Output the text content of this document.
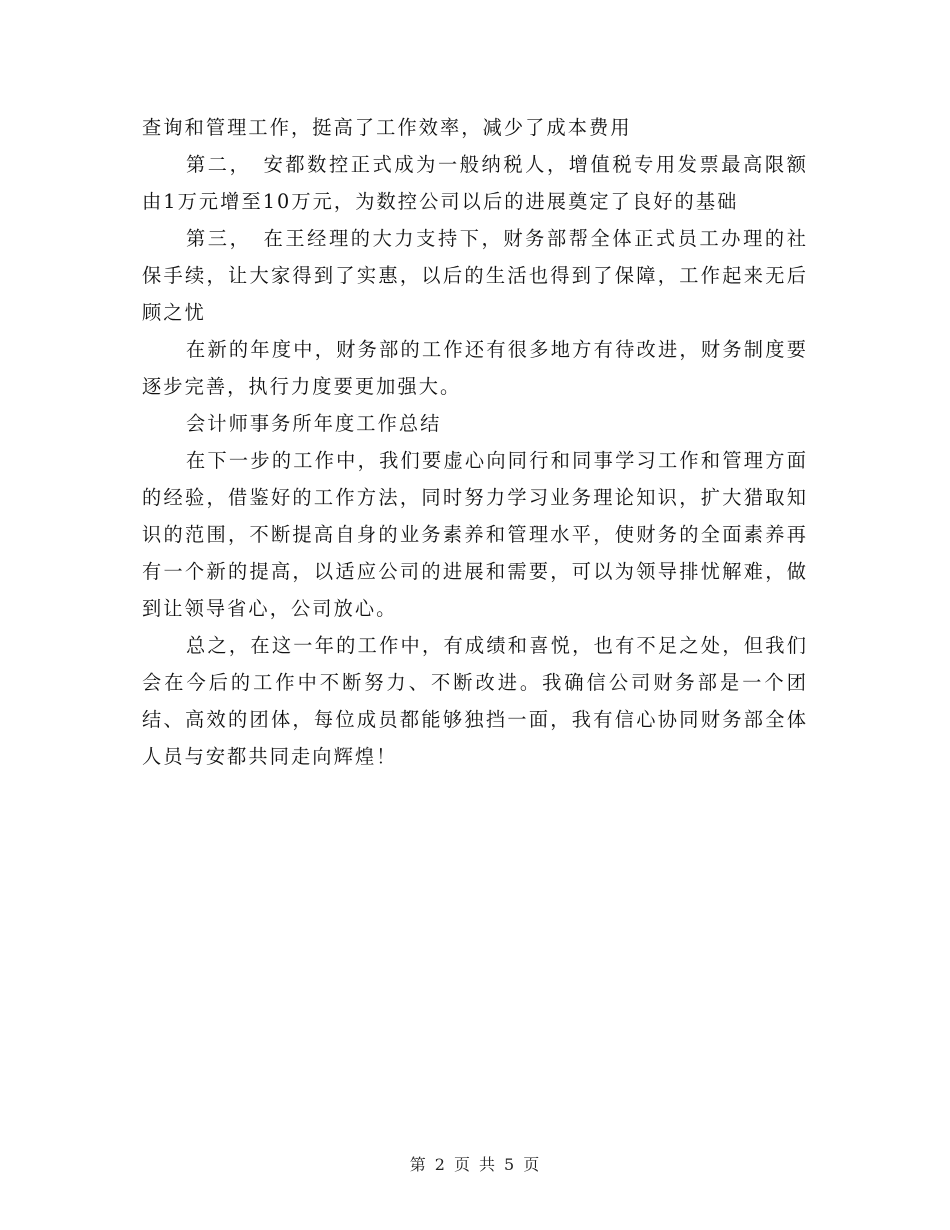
查询和管理工作，挺高了工作效率，减少了成本费用

第二，　安都数控正式成为一般纳税人，增值税专用发票最高限额由1万元增至10万元，为数控公司以后的进展奠定了良好的基础

第三，　在王经理的大力支持下，财务部帮全体正式员工办理的社保手续，让大家得到了实惠，以后的生活也得到了保障，工作起来无后顾之忧

在新的年度中，财务部的工作还有很多地方有待改进，财务制度要逐步完善，执行力度要更加强大。

会计师事务所年度工作总结

在下一步的工作中，我们要虚心向同行和同事学习工作和管理方面的经验，借鉴好的工作方法，同时努力学习业务理论知识，扩大猎取知识的范围，不断提高自身的业务素养和管理水平，使财务的全面素养再有一个新的提高，以适应公司的进展和需要，可以为领导排忧解难，做到让领导省心，公司放心。

总之，在这一年的工作中，有成绩和喜悦，也有不足之处，但我们会在今后的工作中不断努力、不断改进。我确信公司财务部是一个团结、高效的团体，每位成员都能够独挡一面，我有信心协同财务部全体人员与安都共同走向辉煌！

第 2 页 共 5 页
